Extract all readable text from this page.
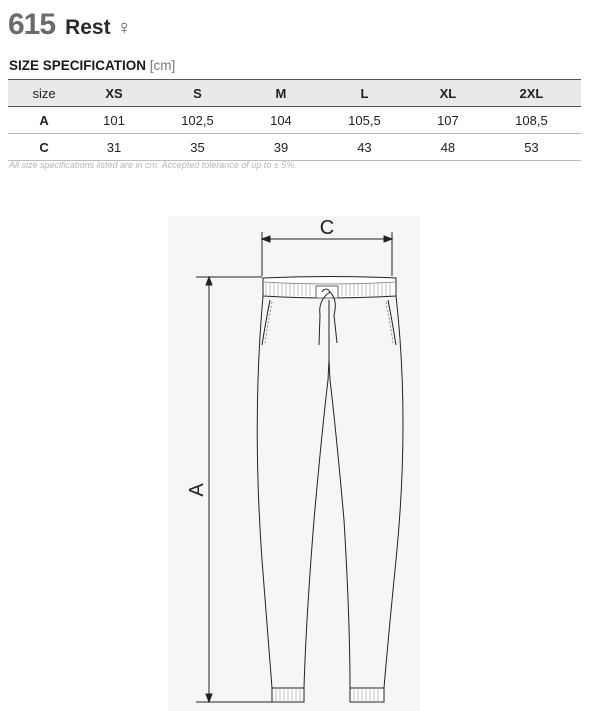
615 Rest ♀
SIZE SPECIFICATION [cm]
size	XS	S	M	L	XL	2XL
A	101	102,5	104	105,5	107	108,5
C	31	35	39	43	48	53
All size specifications listed are in cm. Accepted tolerance of up to ± 5%.
C
A
